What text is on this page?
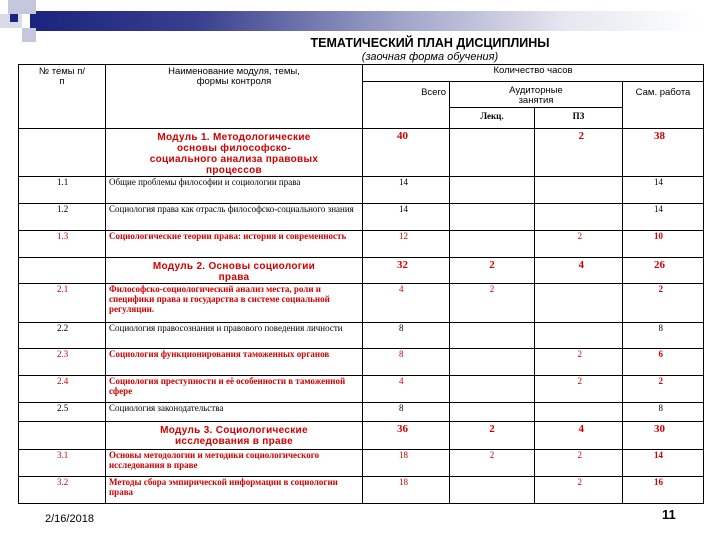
ТЕМАТИЧЕСКИЙ ПЛАН ДИСЦИПЛИНЫ
(заочная форма обучения)
№ темы п/п	Наименование модуля, темы, формы контроля	Количество часов			
		Всего	Аудиторные занятия		Сам. работа
			Лекц.	ПЗ	
	Модуль 1. Методологические основы философско-социального анализа правовых процессов	40		2	38
1.1	Общие проблемы философии и социологии права	14			14
1.2	Социология права как отрасль философско-социального знания	14			14
1.3	Социологические теории права: история и современность	12		2	10
	Модуль 2. Основы социологии права	32	2	4	26
2.1	Философско-социологический анализ места, роли и специфики права и государства в системе социальной регуляции.	4	2		2
2.2	Социология правосознания и правового поведения личности	8			8
2.3	Социология функционирования таможенных органов	8		2	6
2.4	Социология преступности и её особенности в таможенной сфере	4		2	2
2.5	Социология законодательства	8			8
	Модуль 3. Социологические исследования в праве	36	2	4	30
3.1	Основы методологии и методики социологического исследования в праве	18	2	2	14
3.2	Методы сбора эмпирической информации в социологии права	18		2	16
2/16/2018	11
